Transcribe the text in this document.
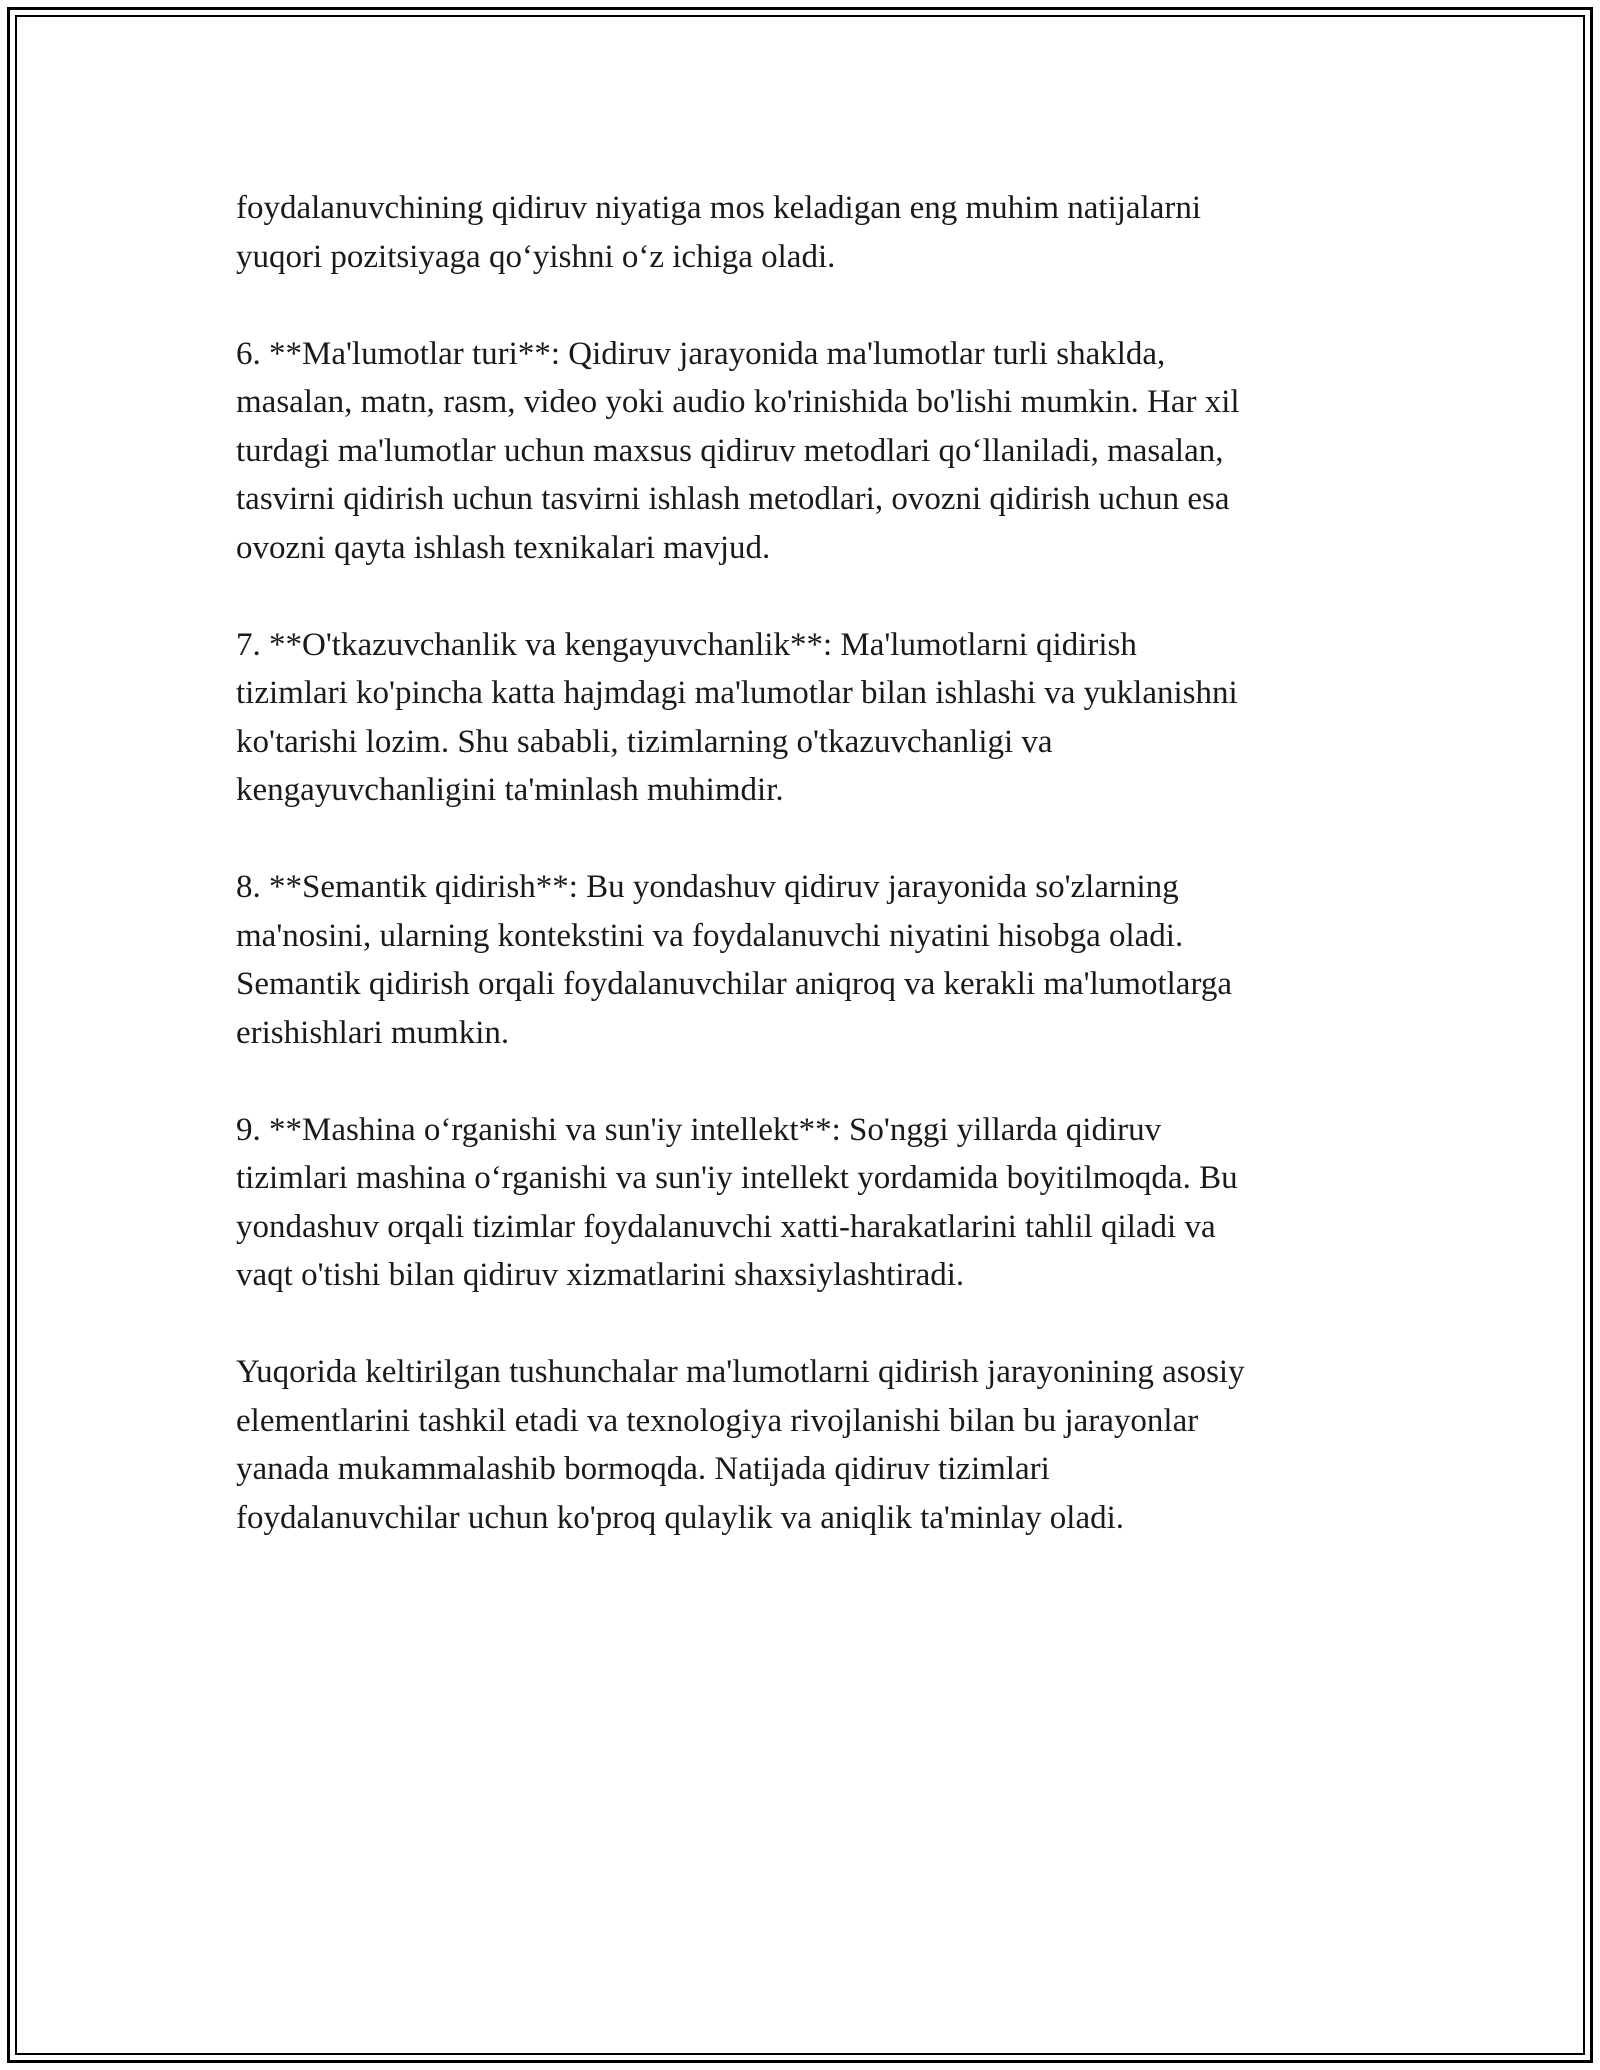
foydalanuvchining qidiruv niyatiga mos keladigan eng muhim natijalarni
yuqori pozitsiyaga qo‘yishni o‘z ichiga oladi.

6. **Ma'lumotlar turi**: Qidiruv jarayonida ma'lumotlar turli shaklda,
masalan, matn, rasm, video yoki audio ko'rinishida bo'lishi mumkin. Har xil
turdagi ma'lumotlar uchun maxsus qidiruv metodlari qo‘llaniladi, masalan,
tasvirni qidirish uchun tasvirni ishlash metodlari, ovozni qidirish uchun esa
ovozni qayta ishlash texnikalari mavjud.

7. **O'tkazuvchanlik va kengayuvchanlik**: Ma'lumotlarni qidirish
tizimlari ko'pincha katta hajmdagi ma'lumotlar bilan ishlashi va yuklanishni
ko'tarishi lozim. Shu sababli, tizimlarning o'tkazuvchanligi va
kengayuvchanligini ta'minlash muhimdir.

8. **Semantik qidirish**: Bu yondashuv qidiruv jarayonida so'zlarning
ma'nosini, ularning kontekstini va foydalanuvchi niyatini hisobga oladi.
Semantik qidirish orqali foydalanuvchilar aniqroq va kerakli ma'lumotlarga
erishishlari mumkin.

9. **Mashina o‘rganishi va sun'iy intellekt**: So'nggi yillarda qidiruv
tizimlari mashina o‘rganishi va sun'iy intellekt yordamida boyitilmoqda. Bu
yondashuv orqali tizimlar foydalanuvchi xatti-harakatlarini tahlil qiladi va
vaqt o'tishi bilan qidiruv xizmatlarini shaxsiylashtiradi.

Yuqorida keltirilgan tushunchalar ma'lumotlarni qidirish jarayonining asosiy
elementlarini tashkil etadi va texnologiya rivojlanishi bilan bu jarayonlar
yanada mukammalashib bormoqda. Natijada qidiruv tizimlari
foydalanuvchilar uchun ko'proq qulaylik va aniqlik ta'minlay oladi.
